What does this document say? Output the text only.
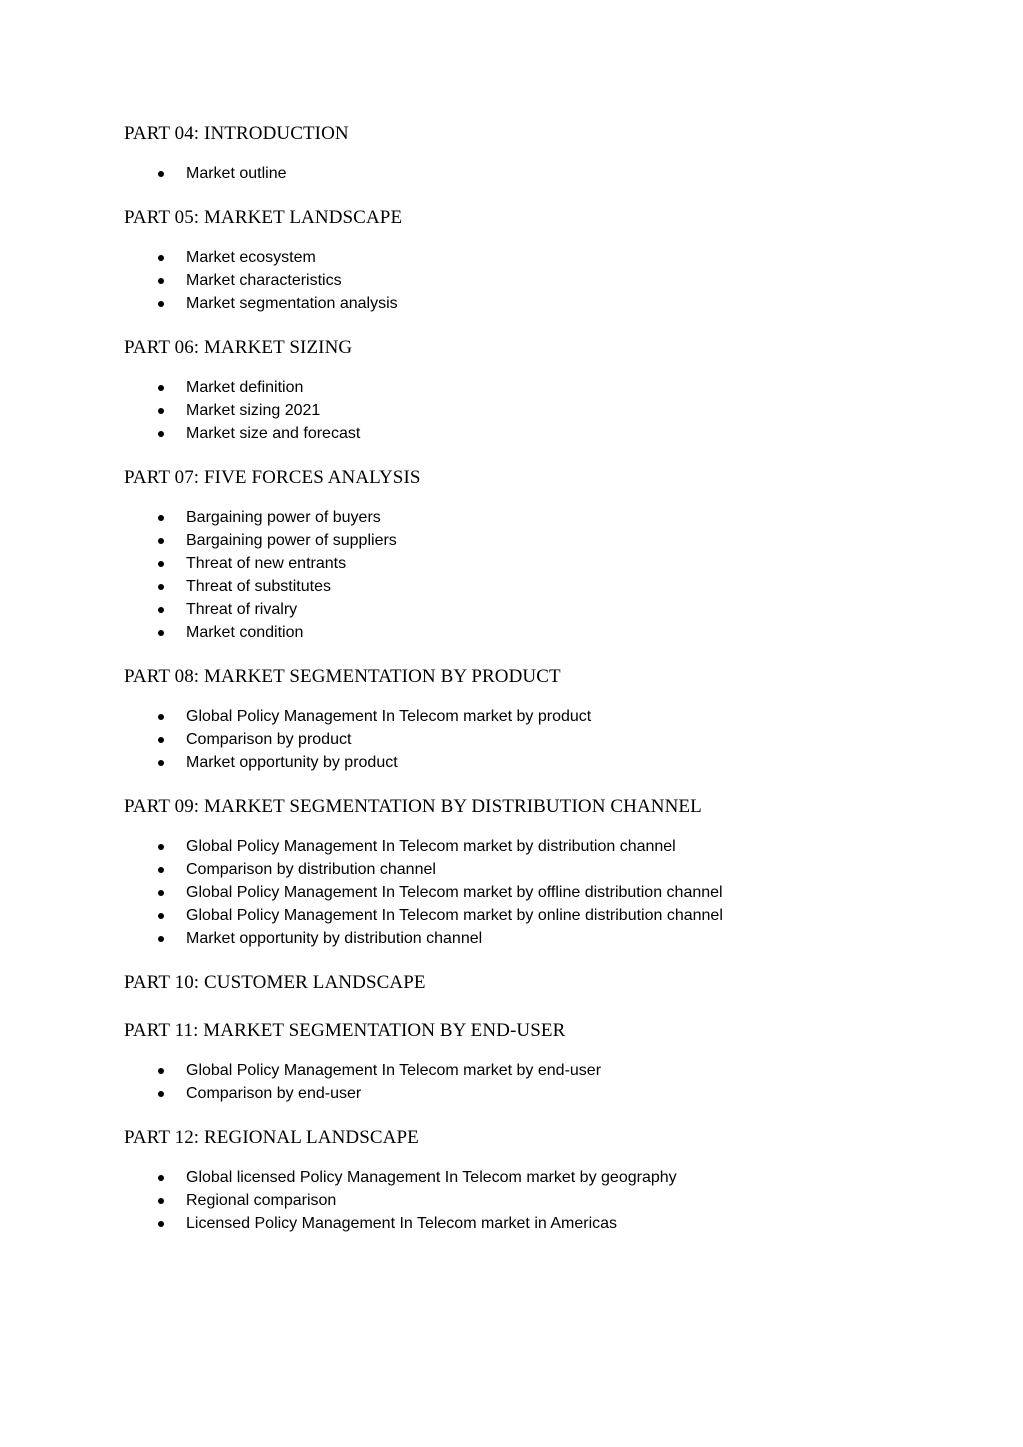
PART 04: INTRODUCTION
Market outline
PART 05: MARKET LANDSCAPE
Market ecosystem
Market characteristics
Market segmentation analysis
PART 06: MARKET SIZING
Market definition
Market sizing 2021
Market size and forecast
PART 07: FIVE FORCES ANALYSIS
Bargaining power of buyers
Bargaining power of suppliers
Threat of new entrants
Threat of substitutes
Threat of rivalry
Market condition
PART 08: MARKET SEGMENTATION BY PRODUCT
Global Policy Management In Telecom market by product
Comparison by product
Market opportunity by product
PART 09: MARKET SEGMENTATION BY DISTRIBUTION CHANNEL
Global Policy Management In Telecom market by distribution channel
Comparison by distribution channel
Global Policy Management In Telecom market by offline distribution channel
Global Policy Management In Telecom market by online distribution channel
Market opportunity by distribution channel
PART 10: CUSTOMER LANDSCAPE
PART 11: MARKET SEGMENTATION BY END-USER
Global Policy Management In Telecom market by end-user
Comparison by end-user
PART 12: REGIONAL LANDSCAPE
Global licensed Policy Management In Telecom market by geography
Regional comparison
Licensed Policy Management In Telecom market in Americas
